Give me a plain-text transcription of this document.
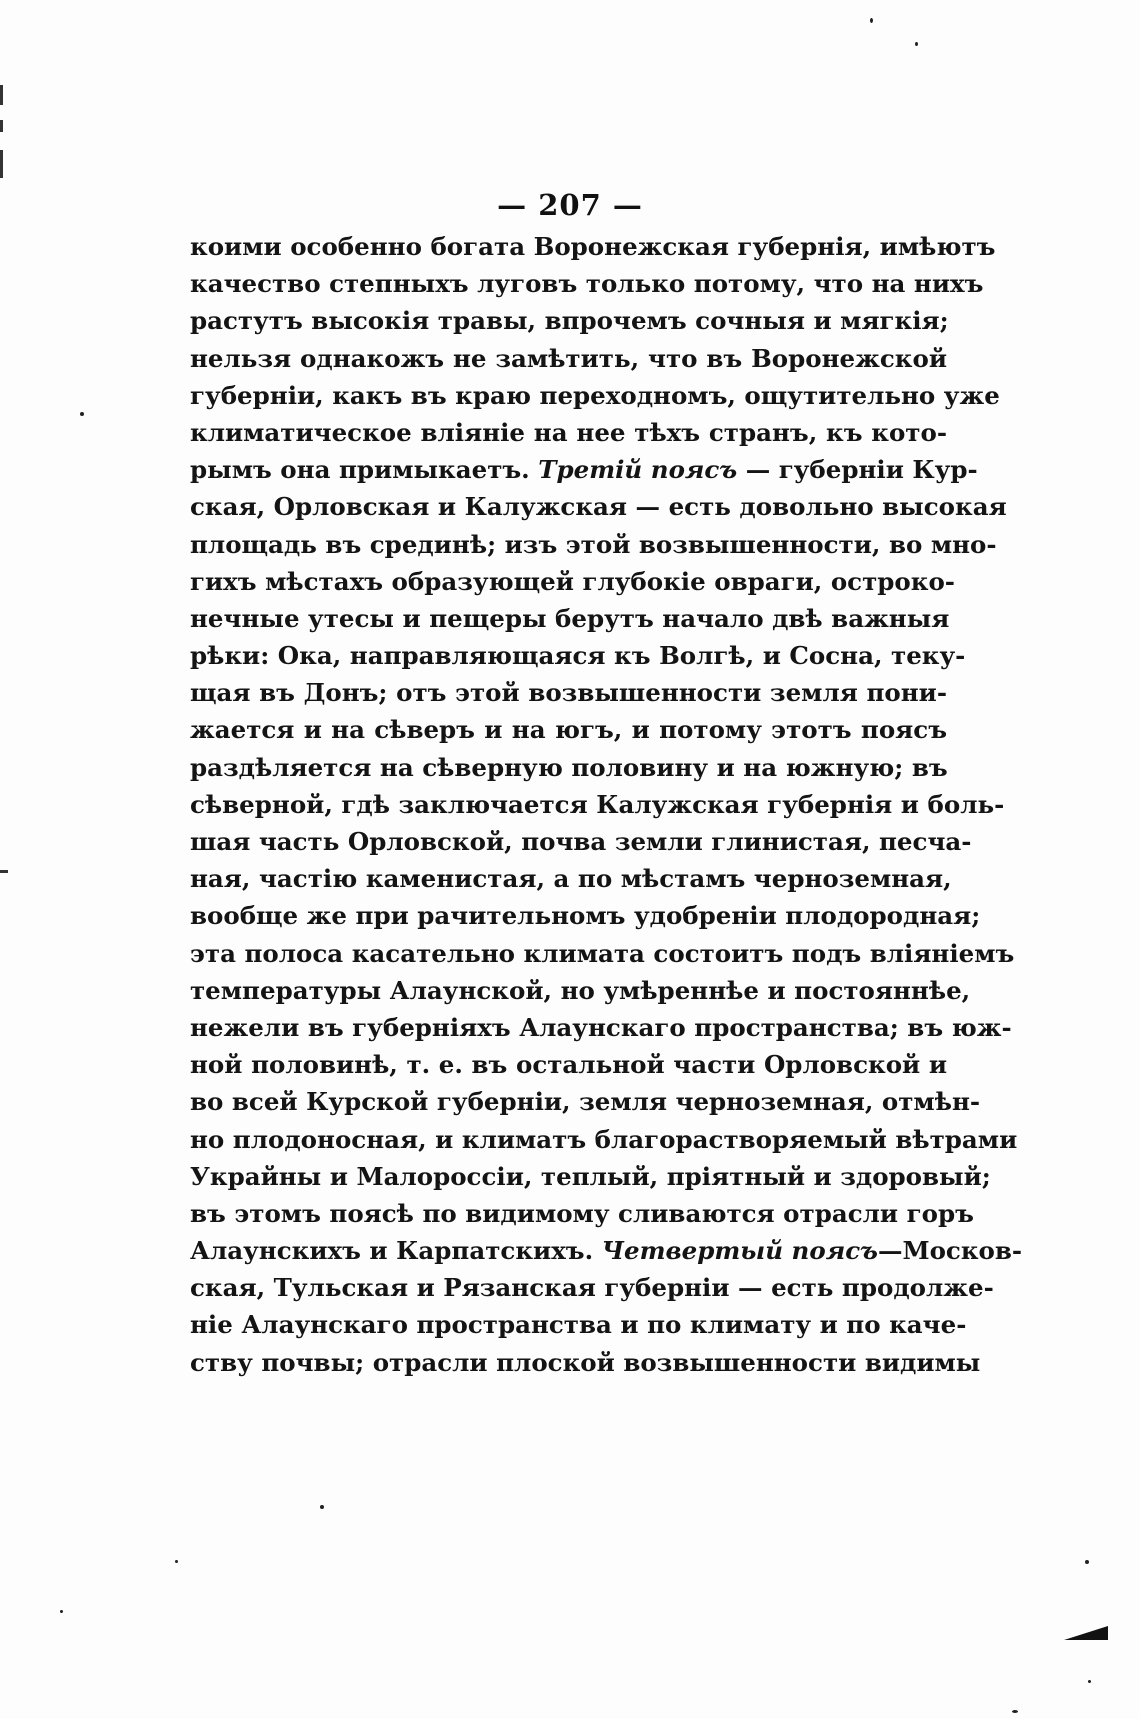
— 207 —
коими особенно богата Воронежская губернія, имѣютъ
качество степныхъ луговъ только потому, что на нихъ
растутъ высокія травы, впрочемъ сочныя и мягкія;
нельзя однакожъ не замѣтить, что въ Воронежской
губерніи, какъ въ краю переходномъ, ощутительно уже
климатическое вліяніе на нее тѣхъ странъ, къ кото-
рымъ она примыкаетъ. Третій поясъ — губерніи Кур-
ская, Орловская и Калужская — есть довольно высокая
площадь въ срединѣ; изъ этой возвышенности, во мно-
гихъ мѣстахъ образующей глубокіе овраги, остроко-
нечные утесы и пещеры берутъ начало двѣ важныя
рѣки: Ока, направляющаяся къ Волгѣ, и Сосна, теку-
щая въ Донъ; отъ этой возвышенности земля пони-
жается и на сѣверъ и на югъ, и потому этотъ поясъ
раздѣляется на сѣверную половину и на южную; въ
сѣверной, гдѣ заключается Калужская губернія и боль-
шая часть Орловской, почва земли глинистая, песча-
ная, частію каменистая, а по мѣстамъ черноземная,
вообще же при рачительномъ удобреніи плодородная;
эта полоса касательно климата состоитъ подъ вліяніемъ
температуры Алаунской, но умѣреннѣе и постояннѣе,
нежели въ губерніяхъ Алаунскаго пространства; въ юж-
ной половинѣ, т. е. въ остальной части Орловской и
во всей Курской губерніи, земля черноземная, отмѣн-
но плодоносная, и климатъ благорастворяемый вѣтрами
Украйны и Малороссіи, теплый, пріятный и здоровый;
въ этомъ поясѣ по видимому сливаются отрасли горъ
Алаунскихъ и Карпатскихъ. Четвертый поясъ—Москов-
ская, Тульская и Рязанская губерніи — есть продолже-
ніе Алаунскаго пространства и по климату и по каче-
ству почвы; отрасли плоской возвышенности видимы
